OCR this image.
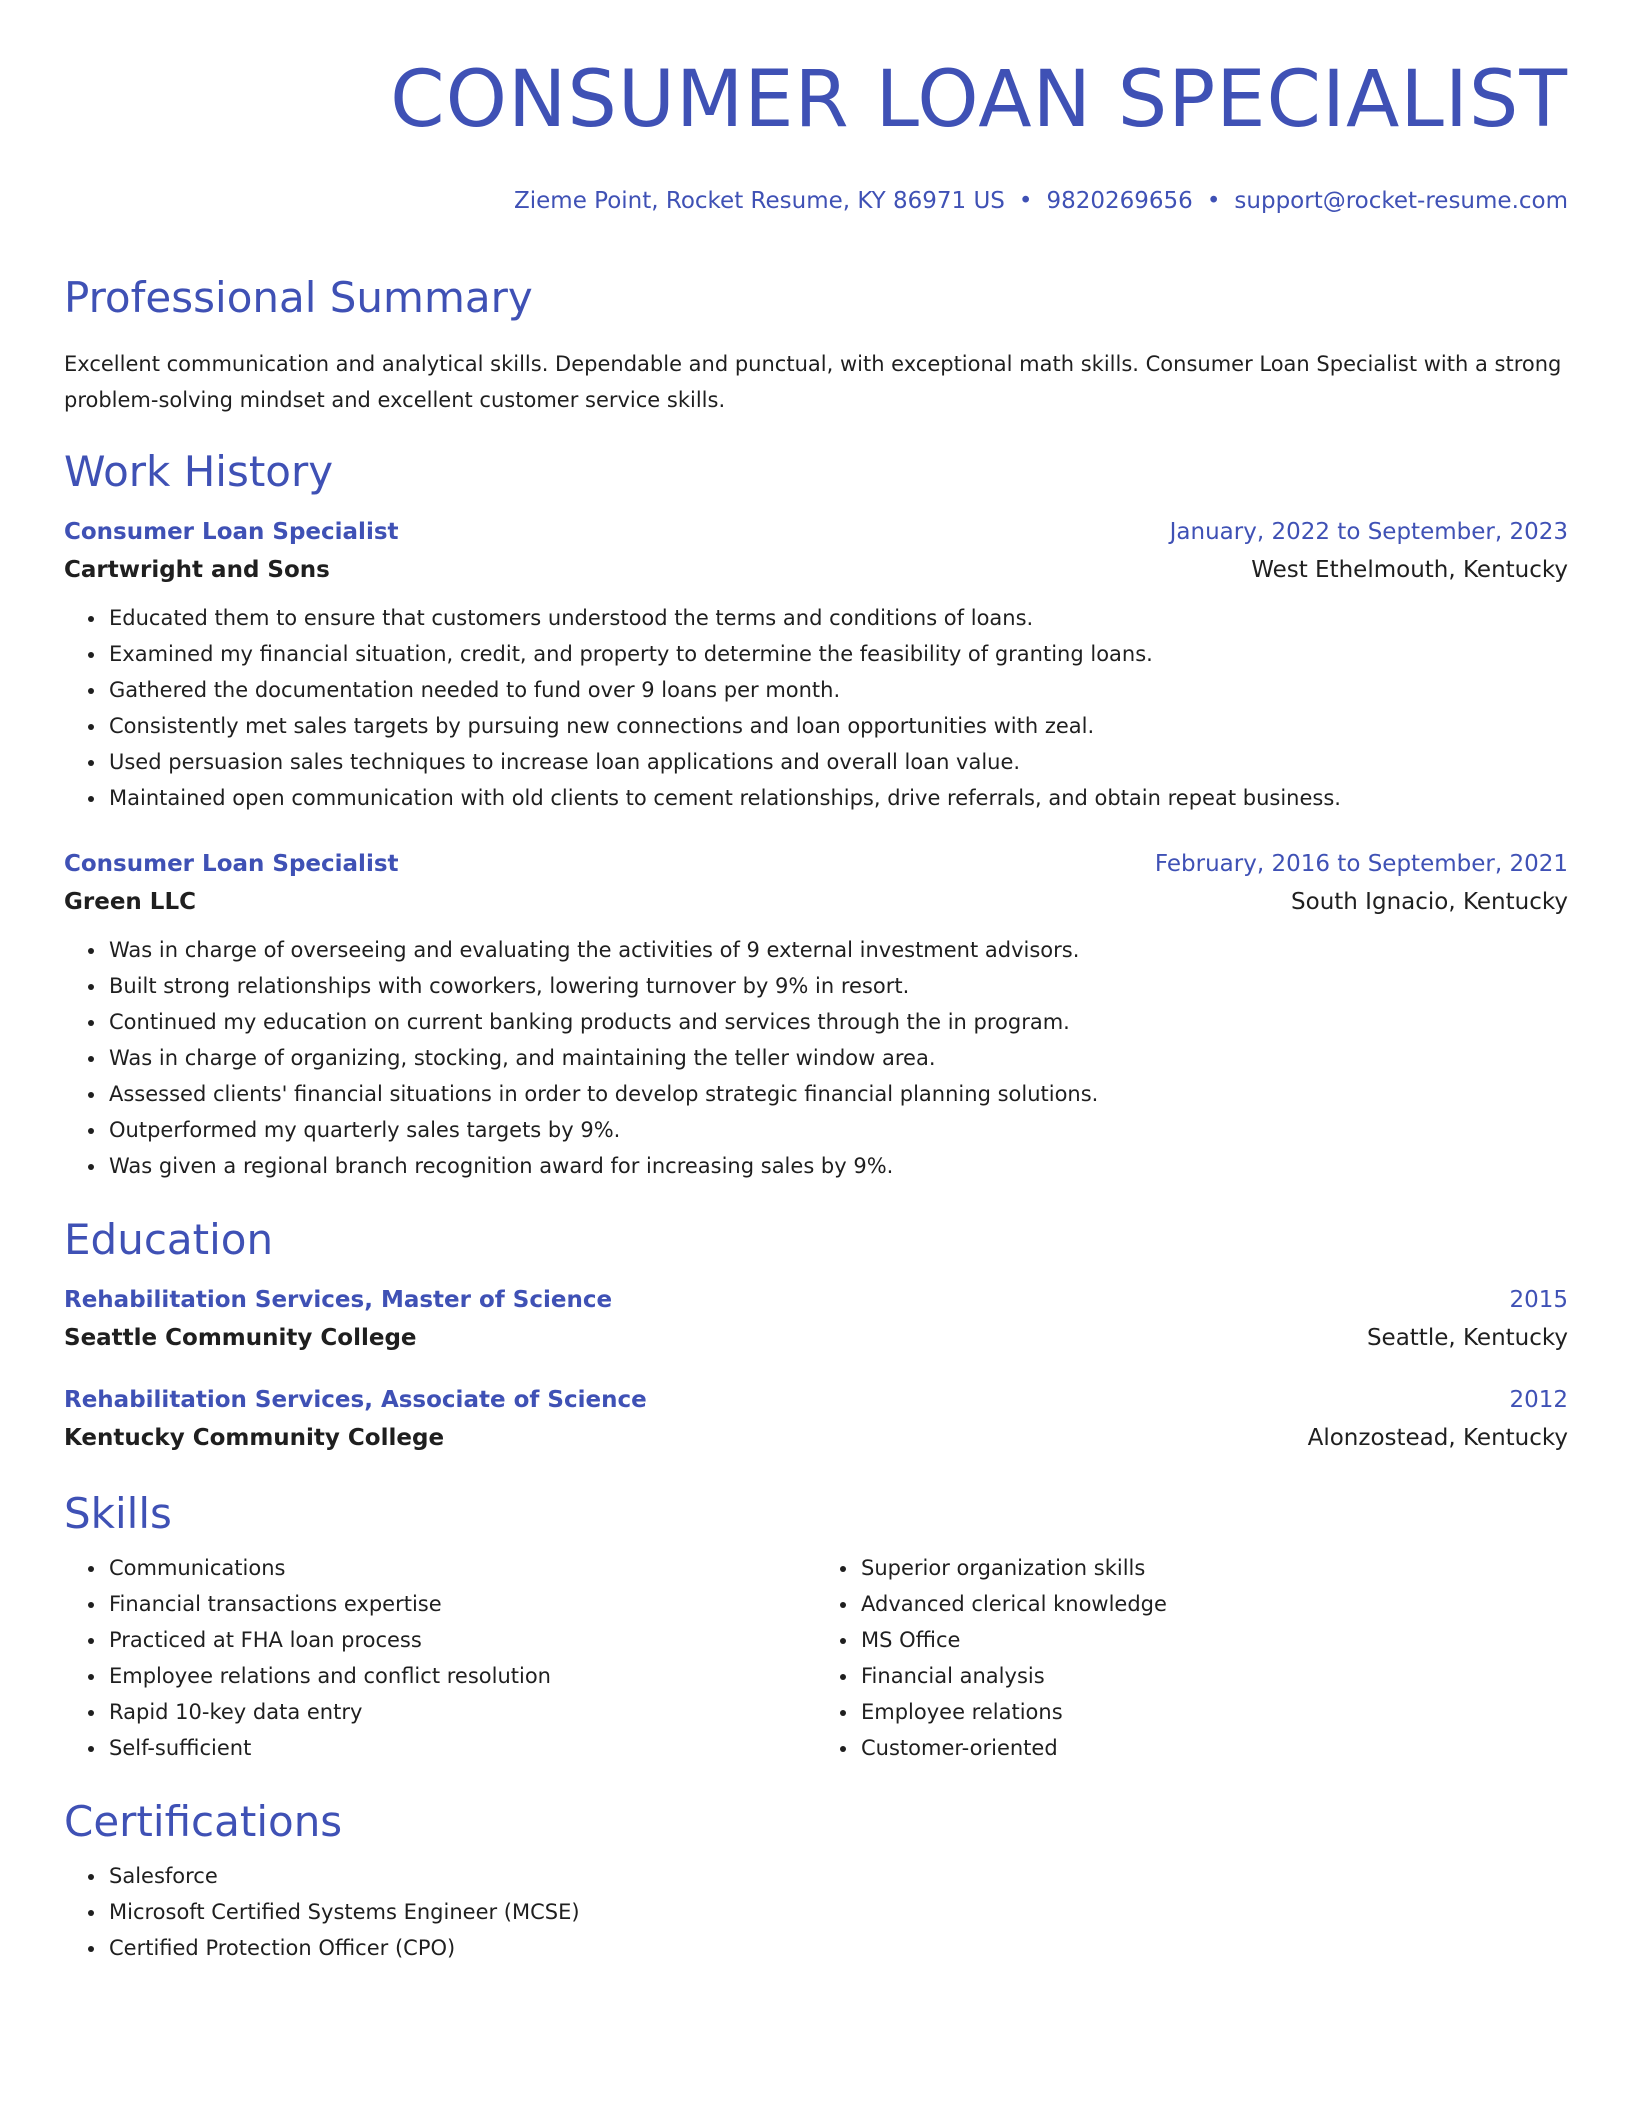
CONSUMER LOAN SPECIALIST
Zieme Point, Rocket Resume, KY 86971 US • 9820269656 • support@rocket-resume.com
Professional Summary
Excellent communication and analytical skills. Dependable and punctual, with exceptional math skills. Consumer Loan Specialist with a strong problem-solving mindset and excellent customer service skills.
Work History
Consumer Loan Specialist	January, 2022 to September, 2023
Cartwright and Sons	West Ethelmouth, Kentucky
• Educated them to ensure that customers understood the terms and conditions of loans.
• Examined my financial situation, credit, and property to determine the feasibility of granting loans.
• Gathered the documentation needed to fund over 9 loans per month.
• Consistently met sales targets by pursuing new connections and loan opportunities with zeal.
• Used persuasion sales techniques to increase loan applications and overall loan value.
• Maintained open communication with old clients to cement relationships, drive referrals, and obtain repeat business.
Consumer Loan Specialist	February, 2016 to September, 2021
Green LLC	South Ignacio, Kentucky
• Was in charge of overseeing and evaluating the activities of 9 external investment advisors.
• Built strong relationships with coworkers, lowering turnover by 9% in resort.
• Continued my education on current banking products and services through the in program.
• Was in charge of organizing, stocking, and maintaining the teller window area.
• Assessed clients' financial situations in order to develop strategic financial planning solutions.
• Outperformed my quarterly sales targets by 9%.
• Was given a regional branch recognition award for increasing sales by 9%.
Education
Rehabilitation Services, Master of Science	2015
Seattle Community College	Seattle, Kentucky
Rehabilitation Services, Associate of Science	2012
Kentucky Community College	Alonzostead, Kentucky
Skills
• Communications
• Financial transactions expertise
• Practiced at FHA loan process
• Employee relations and conflict resolution
• Rapid 10-key data entry
• Self-sufficient
• Superior organization skills
• Advanced clerical knowledge
• MS Office
• Financial analysis
• Employee relations
• Customer-oriented
Certifications
• Salesforce
• Microsoft Certified Systems Engineer (MCSE)
• Certified Protection Officer (CPO)
